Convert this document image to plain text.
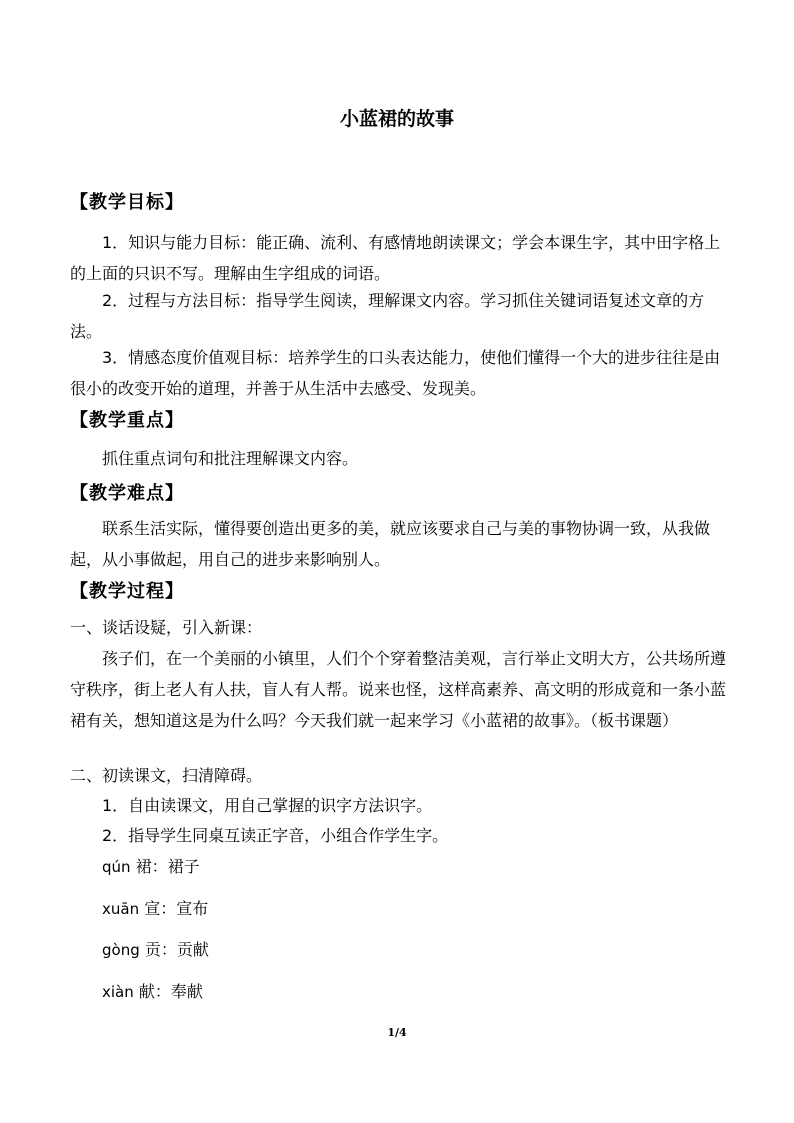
小蓝裙的故事
【教学目标】

1．知识与能力目标：能正确、流利、有感情地朗读课文；学会本课生字，其中田字格上的上面的只识不写。理解由生字组成的词语。

2．过程与方法目标：指导学生阅读，理解课文内容。学习抓住关键词语复述文章的方法。

3．情感态度价值观目标：培养学生的口头表达能力，使他们懂得一个大的进步往往是由很小的改变开始的道理，并善于从生活中去感受、发现美。

【教学重点】

抓住重点词句和批注理解课文内容。

【教学难点】

联系生活实际，懂得要创造出更多的美，就应该要求自己与美的事物协调一致，从我做起，从小事做起，用自己的进步来影响别人。

【教学过程】
一、谈话设疑，引入新课：

孩子们，在一个美丽的小镇里，人们个个穿着整洁美观，言行举止文明大方，公共场所遵守秩序，街上老人有人扶，盲人有人帮。说来也怪，这样高素养、高文明的形成竟和一条小蓝裙有关，想知道这是为什么吗？今天我们就一起来学习《小蓝裙的故事》。（板书课题）

二、初读课文，扫清障碍。
1．自由读课文，用自己掌握的识字方法识字。
2．指导学生同桌互读正字音，小组合作学生字。
qún 裙：裙子
xuān 宣：宣布
gòng 贡：贡献
xiàn 献：奉献
1/4
